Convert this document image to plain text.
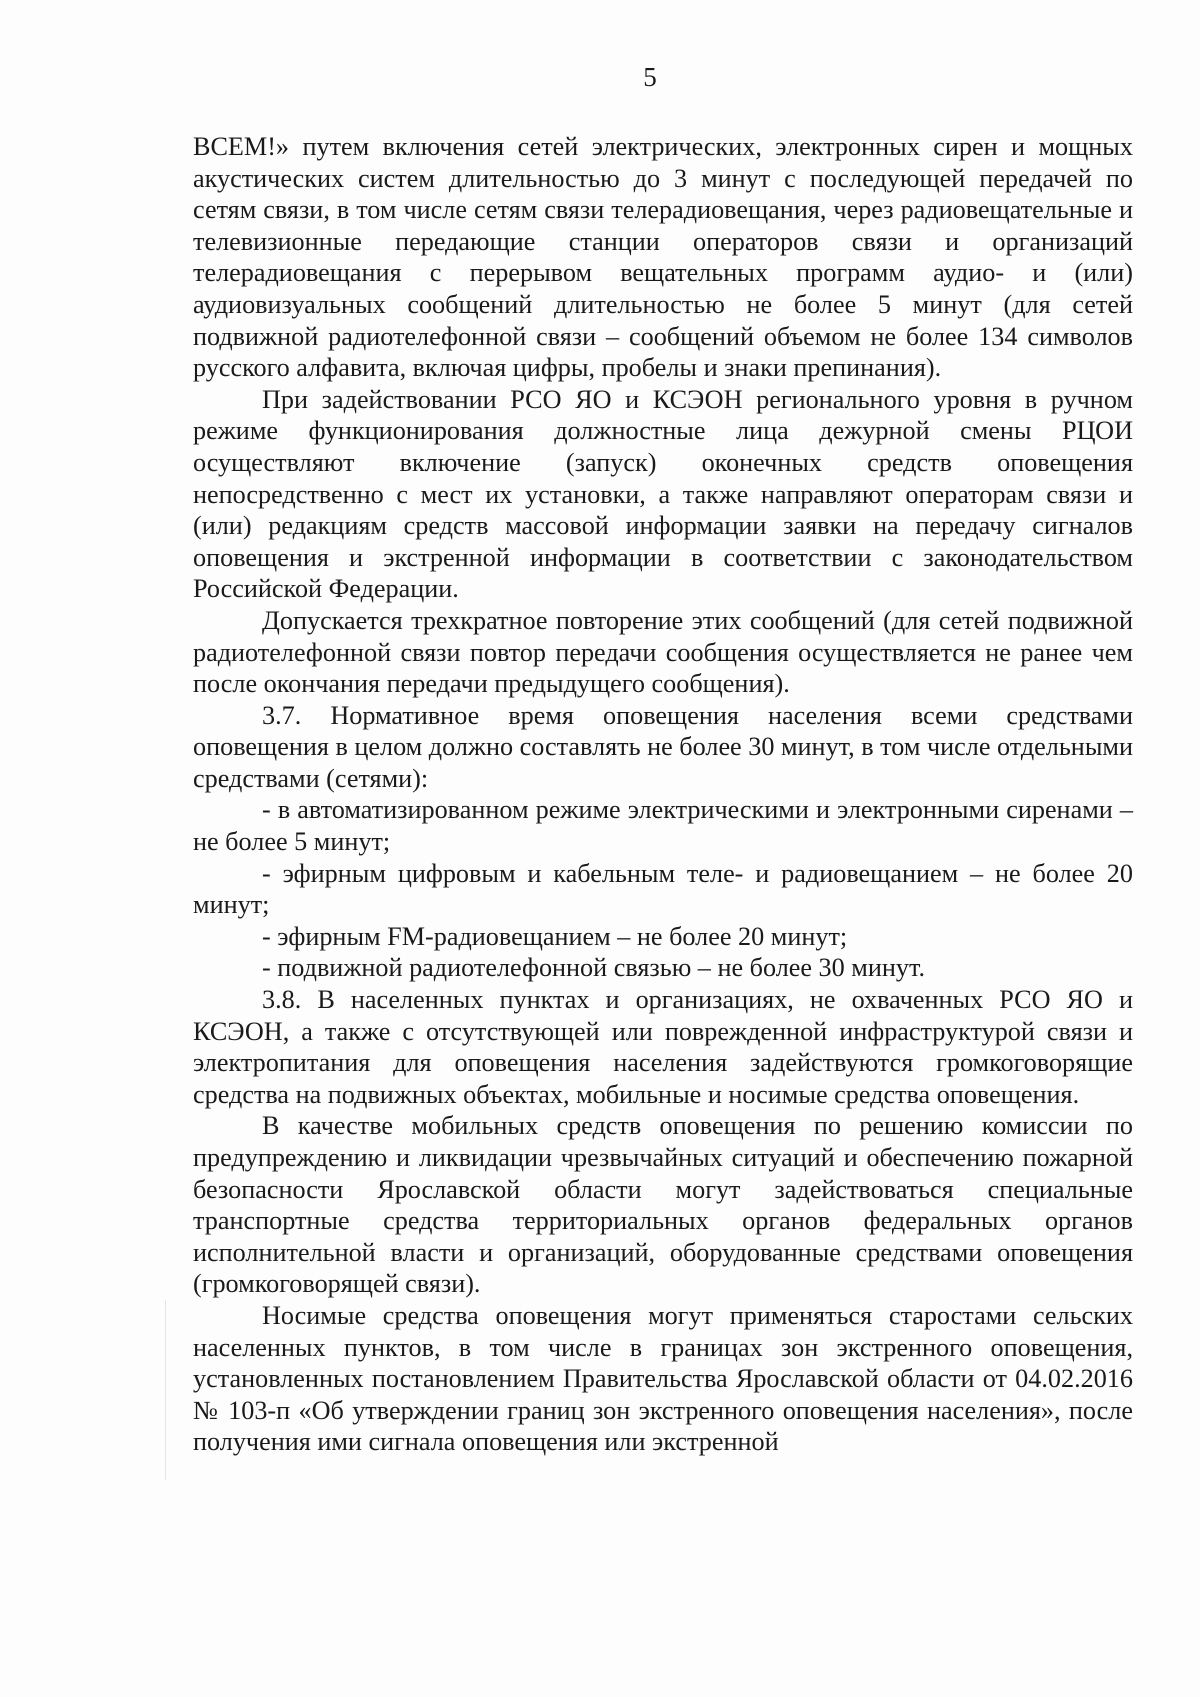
5

ВСЕМ!» путем включения сетей электрических, электронных сирен и мощных акустических систем длительностью до 3 минут с последующей передачей по сетям связи, в том числе сетям связи телерадиовещания, через радиовещательные и телевизионные передающие станции операторов связи и организаций телерадиовещания с перерывом вещательных программ аудио- и (или) аудиовизуальных сообщений длительностью не более 5 минут (для сетей подвижной радиотелефонной связи – сообщений объемом не более 134 символов русского алфавита, включая цифры, пробелы и знаки препинания).

При задействовании РСО ЯО и КСЭОН регионального уровня в ручном режиме функционирования должностные лица дежурной смены РЦОИ осуществляют включение (запуск) оконечных средств оповещения непосредственно с мест их установки, а также направляют операторам связи и (или) редакциям средств массовой информации заявки на передачу сигналов оповещения и экстренной информации в соответствии с законодательством Российской Федерации.

Допускается трехкратное повторение этих сообщений (для сетей подвижной радиотелефонной связи повтор передачи сообщения осуществляется не ранее чем после окончания передачи предыдущего сообщения).

3.7. Нормативное время оповещения населения всеми средствами оповещения в целом должно составлять не более 30 минут, в том числе отдельными средствами (сетями):

- в автоматизированном режиме электрическими и электронными сиренами – не более 5 минут;

- эфирным цифровым и кабельным теле- и радиовещанием – не более 20 минут;

- эфирным FM-радиовещанием – не более 20 минут;

- подвижной радиотелефонной связью – не более 30 минут.

3.8. В населенных пунктах и организациях, не охваченных РСО ЯО и КСЭОН, а также с отсутствующей или поврежденной инфраструктурой связи и электропитания для оповещения населения задействуются громкоговорящие средства на подвижных объектах, мобильные и носимые средства оповещения.

В качестве мобильных средств оповещения по решению комиссии по предупреждению и ликвидации чрезвычайных ситуаций и обеспечению пожарной безопасности Ярославской области могут задействоваться специальные транспортные средства территориальных органов федеральных органов исполнительной власти и организаций, оборудованные средствами оповещения (громкоговорящей связи).

Носимые средства оповещения могут применяться старостами сельских населенных пунктов, в том числе в границах зон экстренного оповещения, установленных постановлением Правительства Ярославской области от 04.02.2016 № 103-п «Об утверждении границ зон экстренного оповещения населения», после получения ими сигнала оповещения или экстренной
